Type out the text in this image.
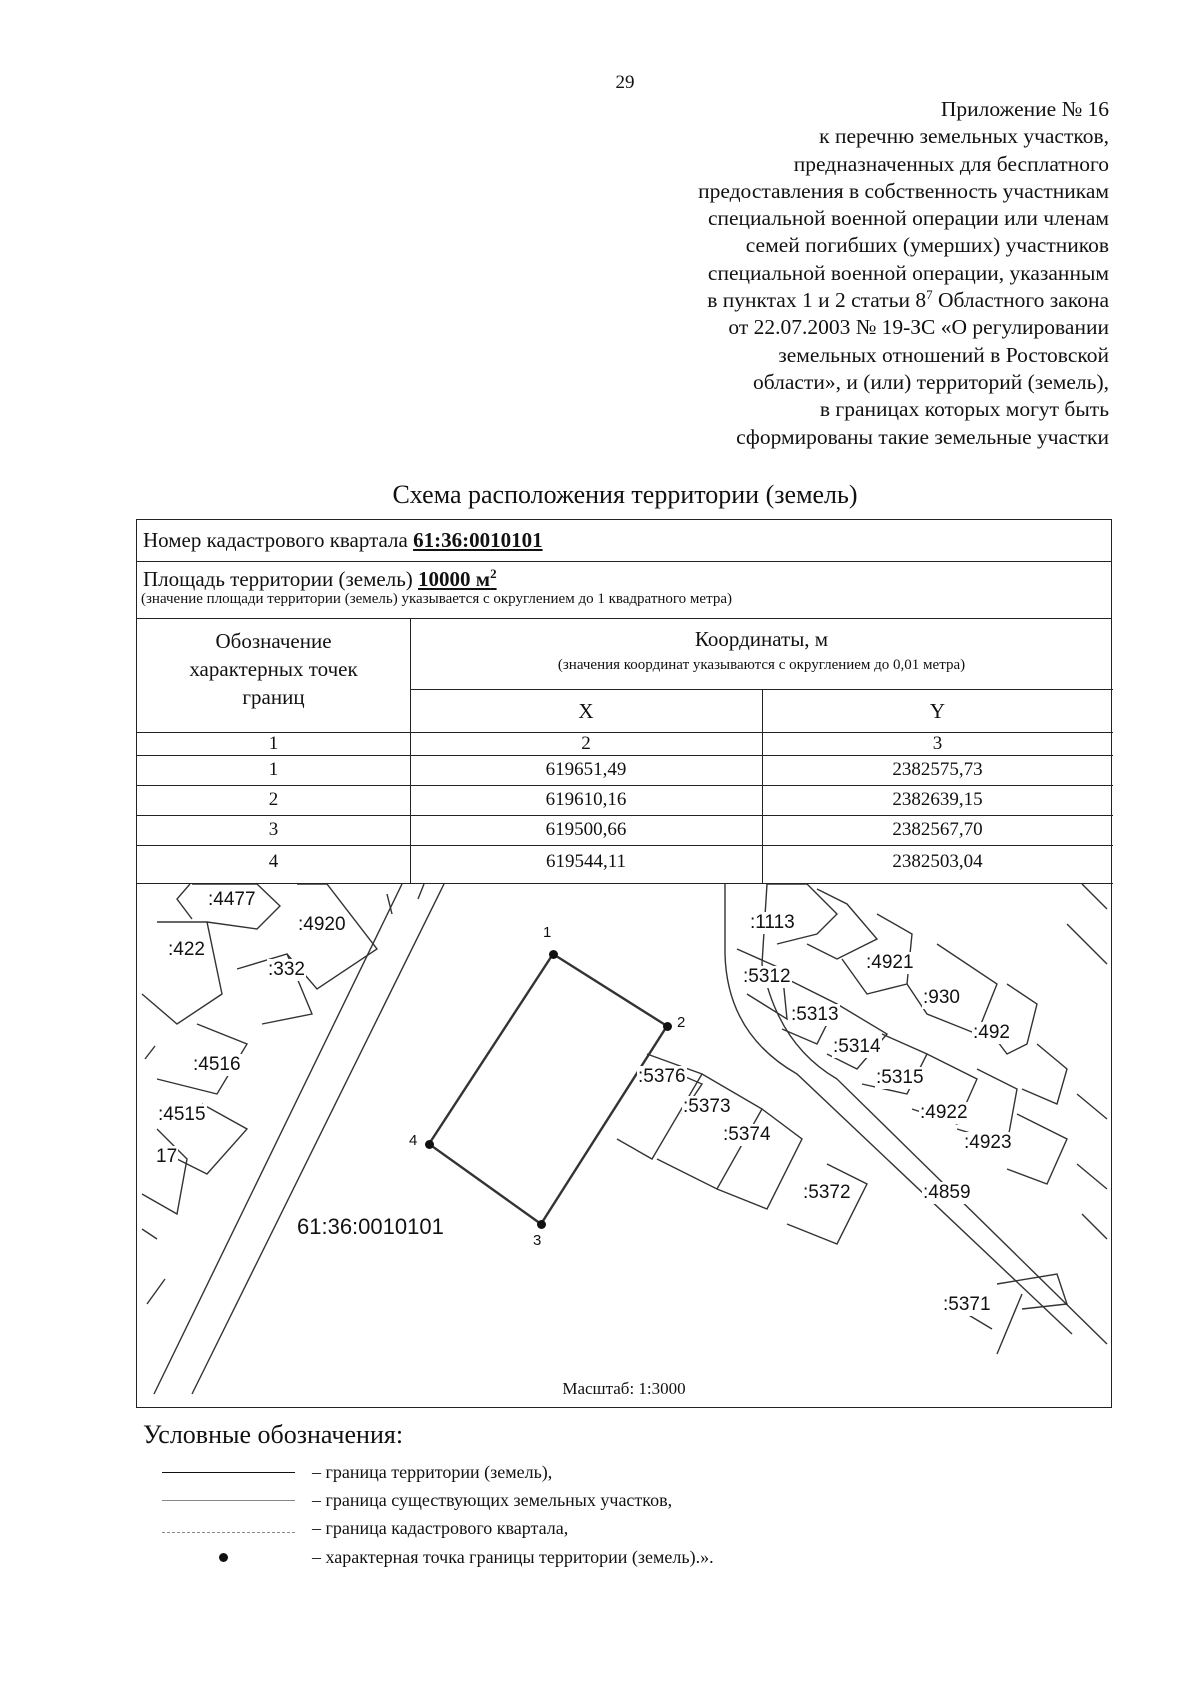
29
Приложение № 16
к перечню земельных участков,
предназначенных для бесплатного
предоставления в собственность участникам
специальной военной операции или членам
семей погибших (умерших) участников
специальной военной операции, указанным
в пунктах 1 и 2 статьи $8^7$ Областного закона
от 22.07.2003 № 19-ЗС «О регулировании
земельных отношений в Ростовской
области», и (или) территорий (земель),
в границах которых могут быть
сформированы такие земельные участки
Схема расположения территории (земель)
Номер кадастрового квартала 61:36:0010101
Площадь территории (земель) 10000 $м^2$
(значение площади территории (земель) указывается с округлением до 1 квадратного метра)
Обозначение
характерных точек
границ
Координаты, м
(значения координат указываются с округлением до 0,01 метра)
X	Y
1	2	3
1	619651,49	2382575,73
2	619610,16	2382639,15
3	619500,66	2382567,70
4	619544,11	2382503,04
1
2
3
4
:4477
:4920
:422
:332
:4516
:4515
17
:1113
:4921
:5312
:930
:5313
:492
:5314
:5315
:4922
:4923
:4859
:5376
:5373
:5374
:5372
:5371
61:36:0010101
Масштаб: 1:3000
Условные обозначения:
– граница территории (земель),
– граница существующих земельных участков,
– граница кадастрового квартала,
– характерная точка границы территории (земель).».
